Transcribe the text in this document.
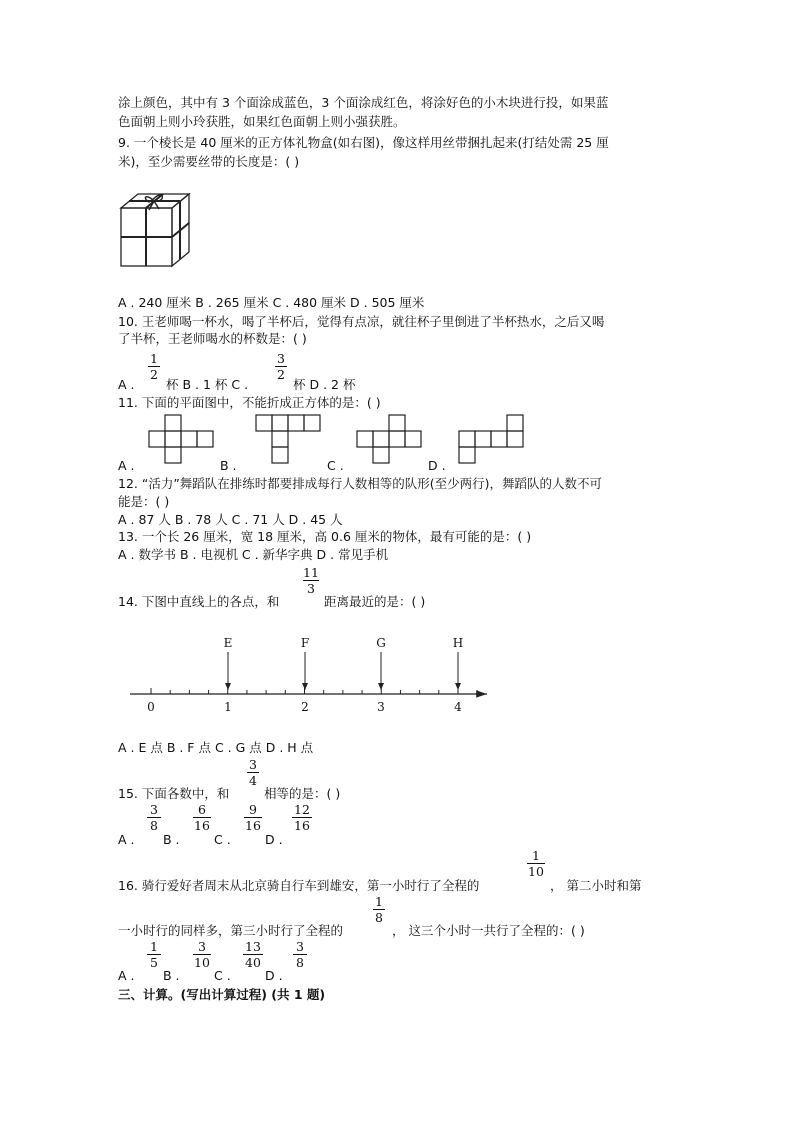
涂上颜色，其中有 3 个面涂成蓝色，3 个面涂成红色，将涂好色的小木块进行投，如果蓝
色面朝上则小玲获胜，如果红色面朝上则小强获胜。
9. 一个棱长是 40 厘米的正方体礼物盒(如右图)，像这样用丝带捆扎起来(打结处需 25 厘
米)，至少需要丝带的长度是：( )
A . 240 厘米 B . 265 厘米 C . 480 厘米 D . 505 厘米
10. 王老师喝一杯水，喝了半杯后，觉得有点凉，就往杯子里倒进了半杯热水，之后又喝
了半杯，王老师喝水的杯数是：( )
A .
1
2
杯 B . 1 杯 C .
3
2
杯 D . 2 杯
11. 下面的平面图中，不能折成正方体的是：( )
A .	B .	C .	D .
12. “活力”舞蹈队在排练时都要排成每行人数相等的队形(至少两行)，舞蹈队的人数不可
能是：( )
A . 87 人 B . 78 人 C . 71 人 D . 45 人
13. 一个长 26 厘米，宽 18 厘米，高 0.6 厘米的物体，最有可能的是：( )
A . 数学书 B . 电视机 C . 新华字典 D . 常见手机
14. 下图中直线上的各点，和
11
3
距离最近的是：( )
E	F	G	H
0	1	2	3	4
A . E 点 B . F 点 C . G 点 D . H 点
15. 下面各数中，和
3
4
相等的是：( )
A .
3
8
B .
6
16
C .
9
16
D .
12
16
16. 骑行爱好者周末从北京骑自行车到雄安，第一小时行了全程的
1
10
， 第二小时和第
一小时行的同样多，第三小时行了全程的
1
8
， 这三个小时一共行了全程的：( )
A .
1
5
B .
3
10
C .
13
40
D .
3
8
三、计算。(写出计算过程) (共 1 题)
